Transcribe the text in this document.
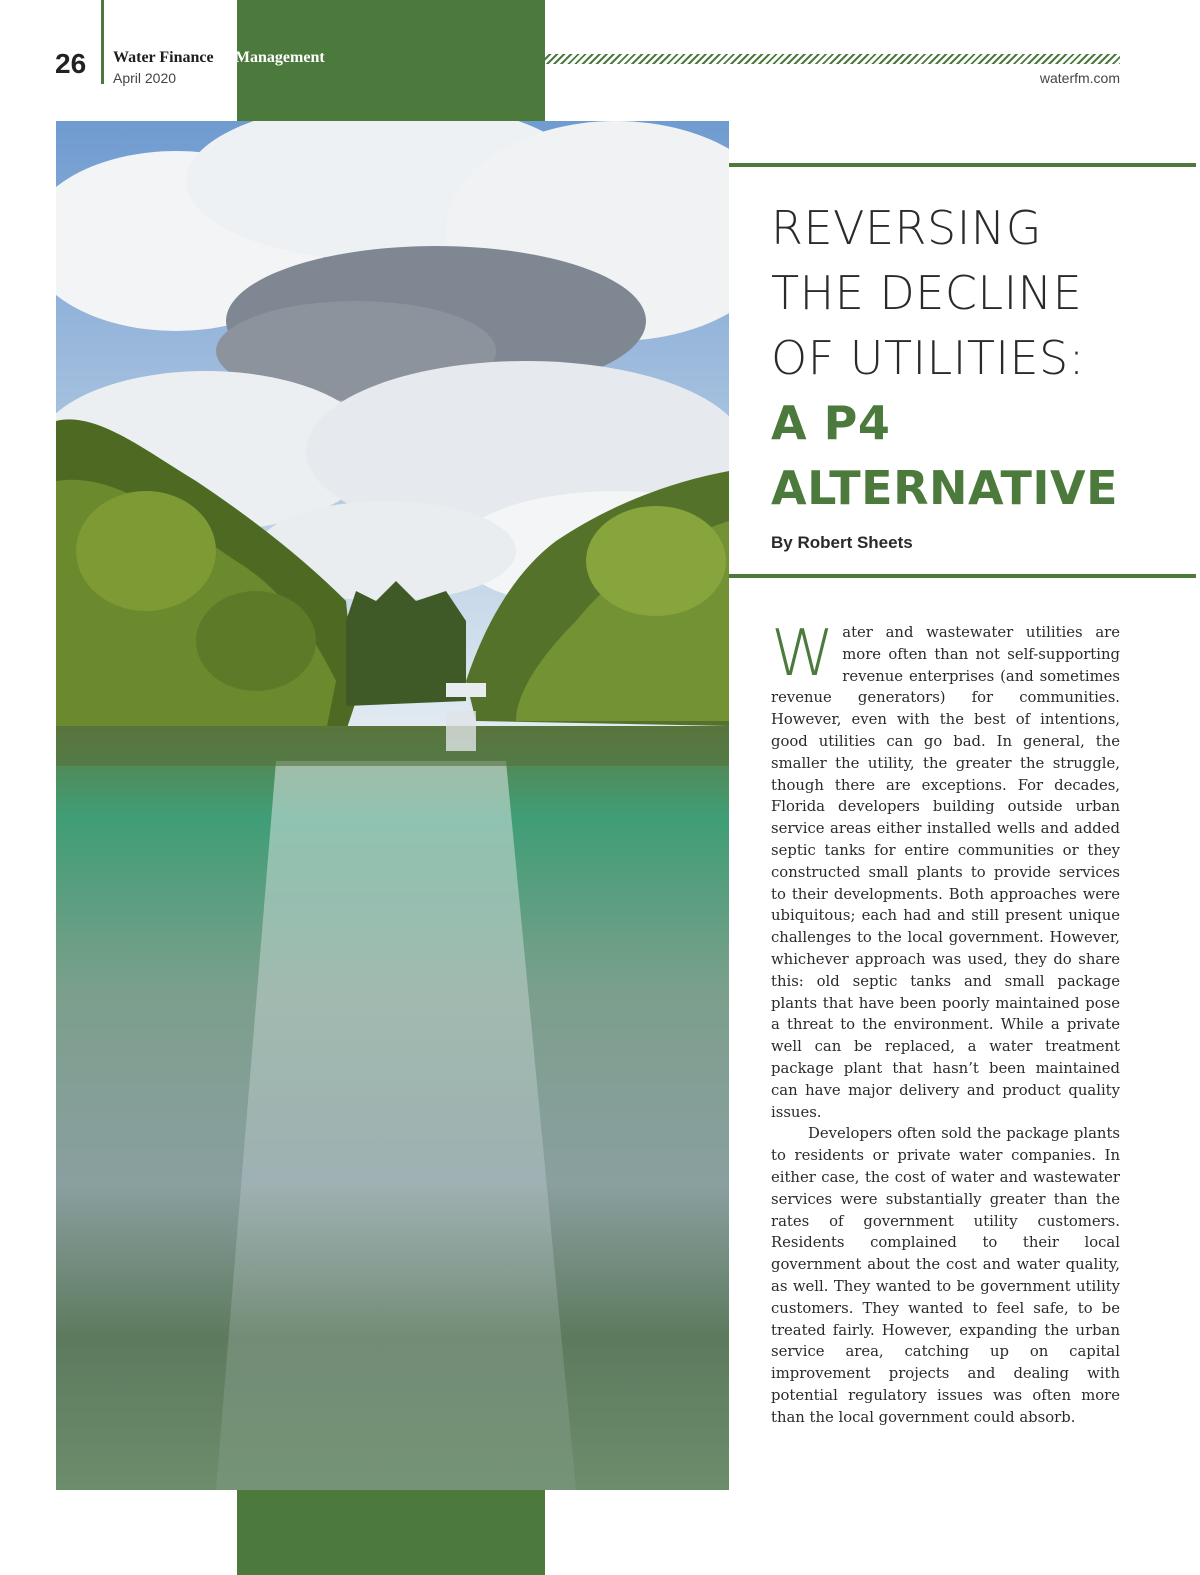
26 Water Finance & Management
April 2020	waterfm.com
REVERSING
THE DECLINE
OF UTILITIES:
A P4
ALTERNATIVE
By Robert Sheets

Water and wastewater utilities are more often than not self-supporting revenue enterprises (and sometimes revenue generators) for communities. However, even with the best of intentions, good utilities can go bad. In general, the smaller the utility, the greater the struggle, though there are exceptions. For decades, Florida developers building outside urban service areas either installed wells and added septic tanks for entire communities or they constructed small plants to provide services to their developments. Both approaches were ubiquitous; each had and still present unique challenges to the local government. However, whichever approach was used, they do share this: old septic tanks and small package plants that have been poorly maintained pose a threat to the environment. While a private well can be replaced, a water treatment package plant that hasn’t been maintained can have major delivery and product quality issues.

Developers often sold the package plants to residents or private water companies. In either case, the cost of water and wastewater services were substantially greater than the rates of government utility customers. Residents complained to their local government about the cost and water quality, as well. They wanted to be government utility customers. They wanted to feel safe, to be treated fairly. However, expanding the urban service area, catching up on capital improvement projects and dealing with potential regulatory issues was often more than the local government could absorb.
